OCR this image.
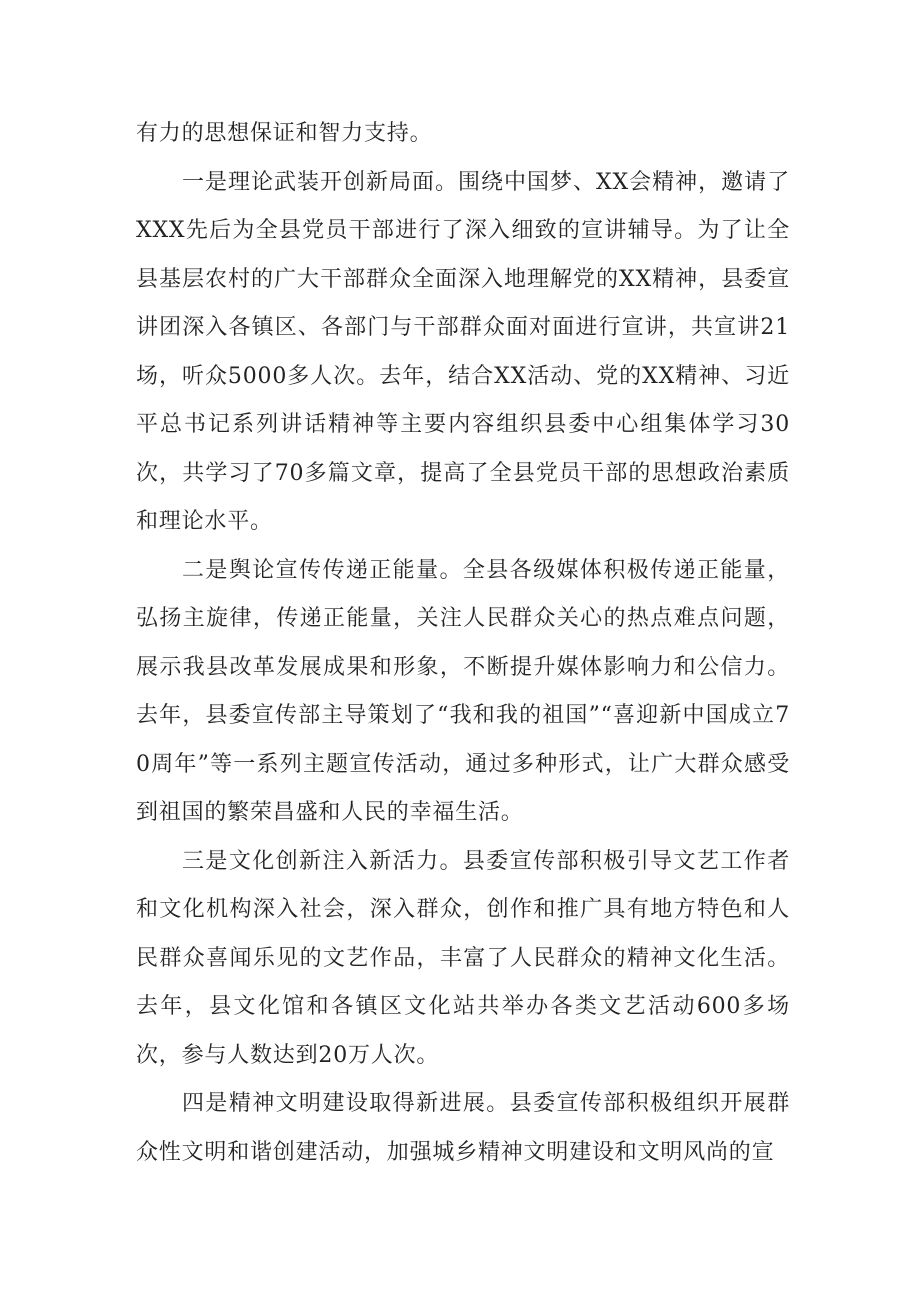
有力的思想保证和智力支持。

一是理论武装开创新局面。围绕中国梦、XX会精神，邀请了XXX先后为全县党员干部进行了深入细致的宣讲辅导。为了让全县基层农村的广大干部群众全面深入地理解党的XX精神，县委宣讲团深入各镇区、各部门与干部群众面对面进行宣讲，共宣讲21场，听众5000多人次。去年，结合XX活动、党的XX精神、习近平总书记系列讲话精神等主要内容组织县委中心组集体学习30次，共学习了70多篇文章，提高了全县党员干部的思想政治素质和理论水平。

二是舆论宣传传递正能量。全县各级媒体积极传递正能量，弘扬主旋律，传递正能量，关注人民群众关心的热点难点问题，展示我县改革发展成果和形象，不断提升媒体影响力和公信力。去年，县委宣传部主导策划了“我和我的祖国”“喜迎新中国成立70周年”等一系列主题宣传活动，通过多种形式，让广大群众感受到祖国的繁荣昌盛和人民的幸福生活。

三是文化创新注入新活力。县委宣传部积极引导文艺工作者和文化机构深入社会，深入群众，创作和推广具有地方特色和人民群众喜闻乐见的文艺作品，丰富了人民群众的精神文化生活。去年，县文化馆和各镇区文化站共举办各类文艺活动600多场次，参与人数达到20万人次。

四是精神文明建设取得新进展。县委宣传部积极组织开展群众性文明和谐创建活动，加强城乡精神文明建设和文明风尚的宣
